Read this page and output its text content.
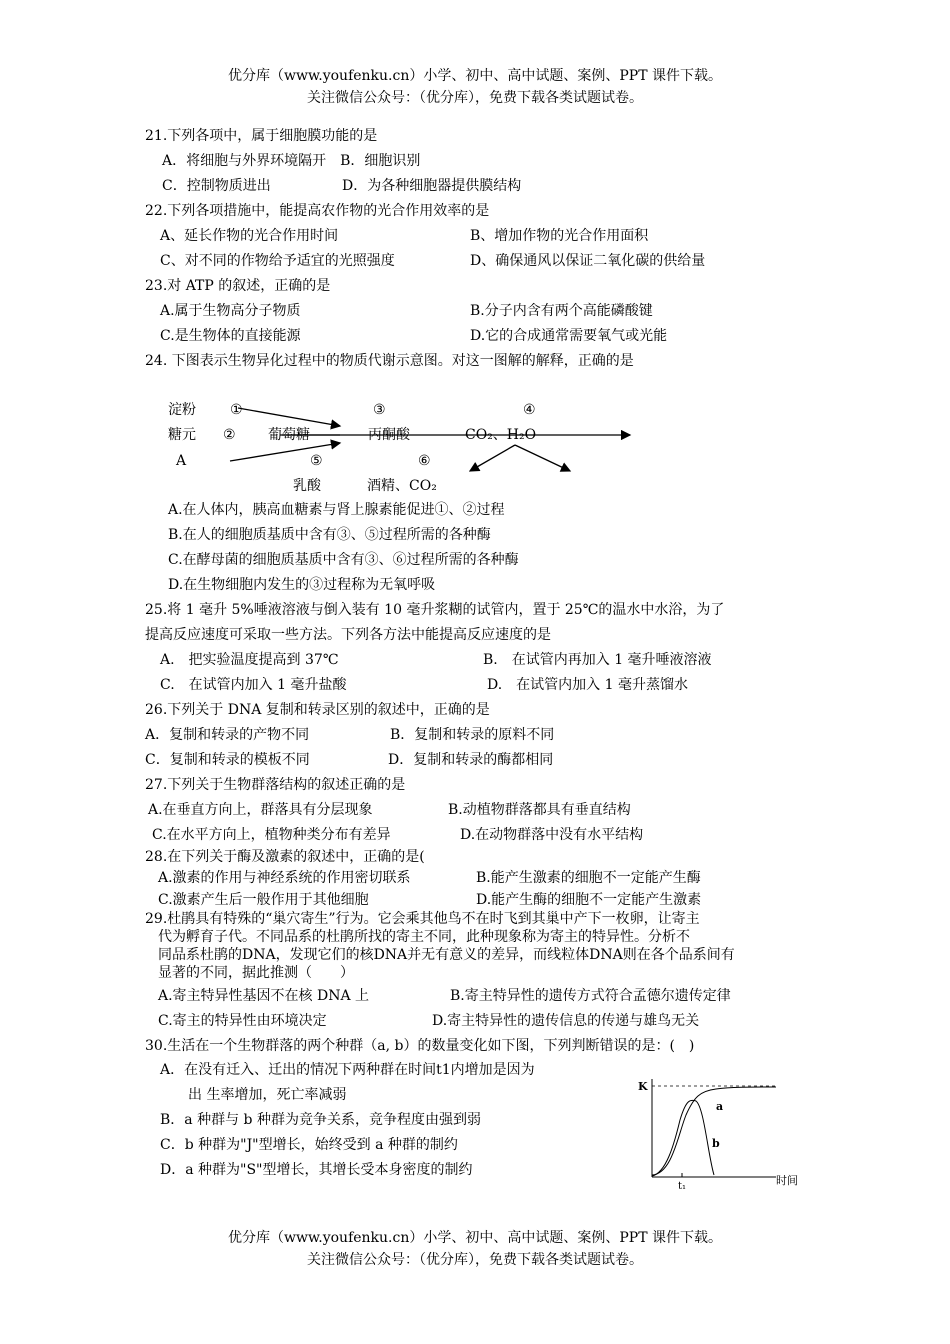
优分库（www.youfenku.cn）小学、初中、高中试题、案例、PPT 课件下载。
关注微信公众号：（优分库），免费下载各类试题试卷。
21.下列各项中，属于细胞膜功能的是
A．将细胞与外界环境隔开　B．细胞识别
C．控制物质进出	D．为各种细胞器提供膜结构
22.下列各项措施中，能提高农作物的光合作用效率的是
A、延长作物的光合作用时间	B、增加作物的光合作用面积
C、对不同的作物给予适宜的光照强度	D、确保通风以保证二氧化碳的供给量
23.对 ATP 的叙述，正确的是
A.属于生物高分子物质	B.分子内含有两个高能磷酸键
C.是生物体的直接能源	D.它的合成通常需要氧气或光能
24. 下图表示生物异化过程中的物质代谢示意图。对这一图解的解释，正确的是
淀粉 ①	③	④
糖元 ② 葡萄糖	丙酮酸	CO₂、H₂O
A	⑤	⑥
乳酸	酒精、CO₂
A.在人体内，胰高血糖素与肾上腺素能促进①、②过程
B.在人的细胞质基质中含有③、⑤过程所需的各种酶
C.在酵母菌的细胞质基质中含有③、⑥过程所需的各种酶
D.在生物细胞内发生的③过程称为无氧呼吸
25.将 1 毫升 5%唾液溶液与倒入装有 10 毫升浆糊的试管内，置于 25℃的温水中水浴，为了
提高反应速度可采取一些方法。下列各方法中能提高反应速度的是
A.　把实验温度提高到 37℃	B.　在试管内再加入 1 毫升唾液溶液
C.　在试管内加入 1 毫升盐酸	D.　在试管内加入 1 毫升蒸馏水
26.下列关于 DNA 复制和转录区别的叙述中，正确的是
A．复制和转录的产物不同	B．复制和转录的原料不同
C．复制和转录的模板不同	D．复制和转录的酶都相同
27.下列关于生物群落结构的叙述正确的是
A.在垂直方向上，群落具有分层现象	B.动植物群落都具有垂直结构
C.在水平方向上，植物种类分布有差异	D.在动物群落中没有水平结构
28.在下列关于酶及激素的叙述中，正确的是(
A.激素的作用与神经系统的作用密切联系	B.能产生激素的细胞不一定能产生酶
C.激素产生后一般作用于其他细胞	D.能产生酶的细胞不一定能产生激素
29.杜鹃具有特殊的“巢穴寄生”行为。它会乘其他鸟不在时飞到其巢中产下一枚卵，让寄主
代为孵育子代。不同品系的杜鹃所找的寄主不同，此种现象称为寄主的特异性。分析不
同品系杜鹃的DNA，发现它们的核DNA并无有意义的差异，而线粒体DNA则在各个品系间有
显著的不同，据此推测（　　）
A.寄主特异性基因不在核 DNA 上	B.寄主特异性的遗传方式符合孟德尔遗传定律
C.寄主的特异性由环境决定	D.寄主特异性的遗传信息的传递与雄鸟无关
30.生活在一个生物群落的两个种群（a, b）的数量变化如下图，下列判断错误的是：(　)
A．在没有迁入、迁出的情况下两种群在时间t1内增加是因为
出 生率增加，死亡率减弱
B．a 种群与 b 种群为竞争关系，竞争程度由强到弱
C．b 种群为"J"型增长，始终受到 a 种群的制约
D．a 种群为"S"型增长，其增长受本身密度的制约
K
a
b
t₁	时间
优分库（www.youfenku.cn）小学、初中、高中试题、案例、PPT 课件下载。
关注微信公众号：（优分库），免费下载各类试题试卷。
